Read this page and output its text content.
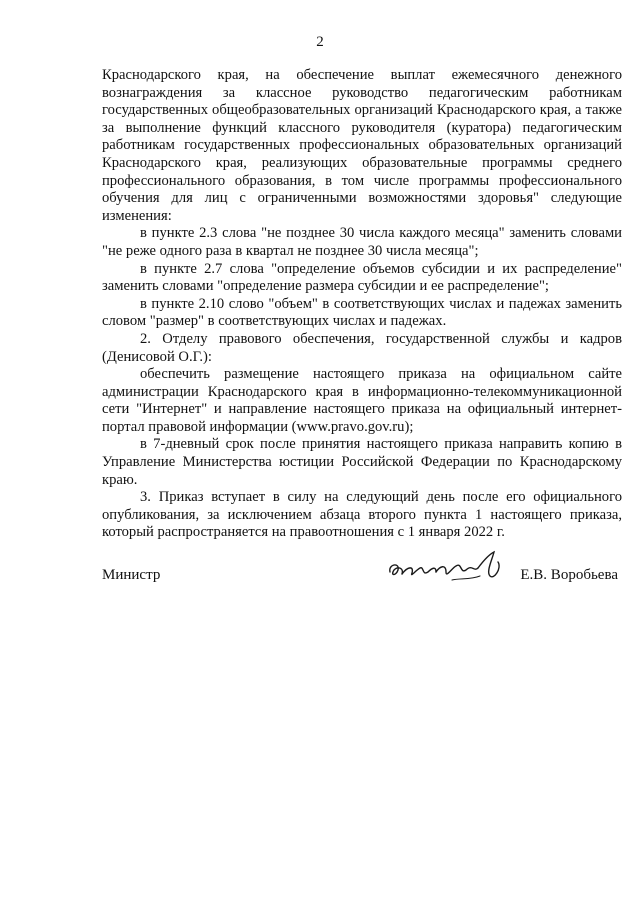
2

Краснодарского края, на обеспечение выплат ежемесячного денежного вознаграждения за классное руководство педагогическим работникам государственных общеобразовательных организаций Краснодарского края, а также за выполнение функций классного руководителя (куратора) педагогическим работникам государственных профессиональных образовательных организаций Краснодарского края, реализующих образовательные программы среднего профессионального образования, в том числе программы профессионального обучения для лиц с ограниченными возможностями здоровья" следующие изменения:

в пункте 2.3 слова "не позднее 30 числа каждого месяца" заменить словами "не реже одного раза в квартал не позднее 30 числа месяца";

в пункте 2.7 слова "определение объемов субсидии и их распределение" заменить словами "определение размера субсидии и ее распределение";

в пункте 2.10 слово "объем" в соответствующих числах и падежах заменить словом "размер" в соответствующих числах и падежах.

2. Отделу правового обеспечения, государственной службы и кадров (Денисовой О.Г.):

обеспечить размещение настоящего приказа на официальном сайте администрации Краснодарского края в информационно-телекоммуникационной сети "Интернет" и направление настоящего приказа на официальный интернет-портал правовой информации (www.pravo.gov.ru);

в 7-дневный срок после принятия настоящего приказа направить копию в Управление Министерства юстиции Российской Федерации по Краснодарскому краю.

3. Приказ вступает в силу на следующий день после его официального опубликования, за исключением абзаца второго пункта 1 настоящего приказа, который распространяется на правоотношения с 1 января 2022 г.

Министр	Е.В. Воробьева
